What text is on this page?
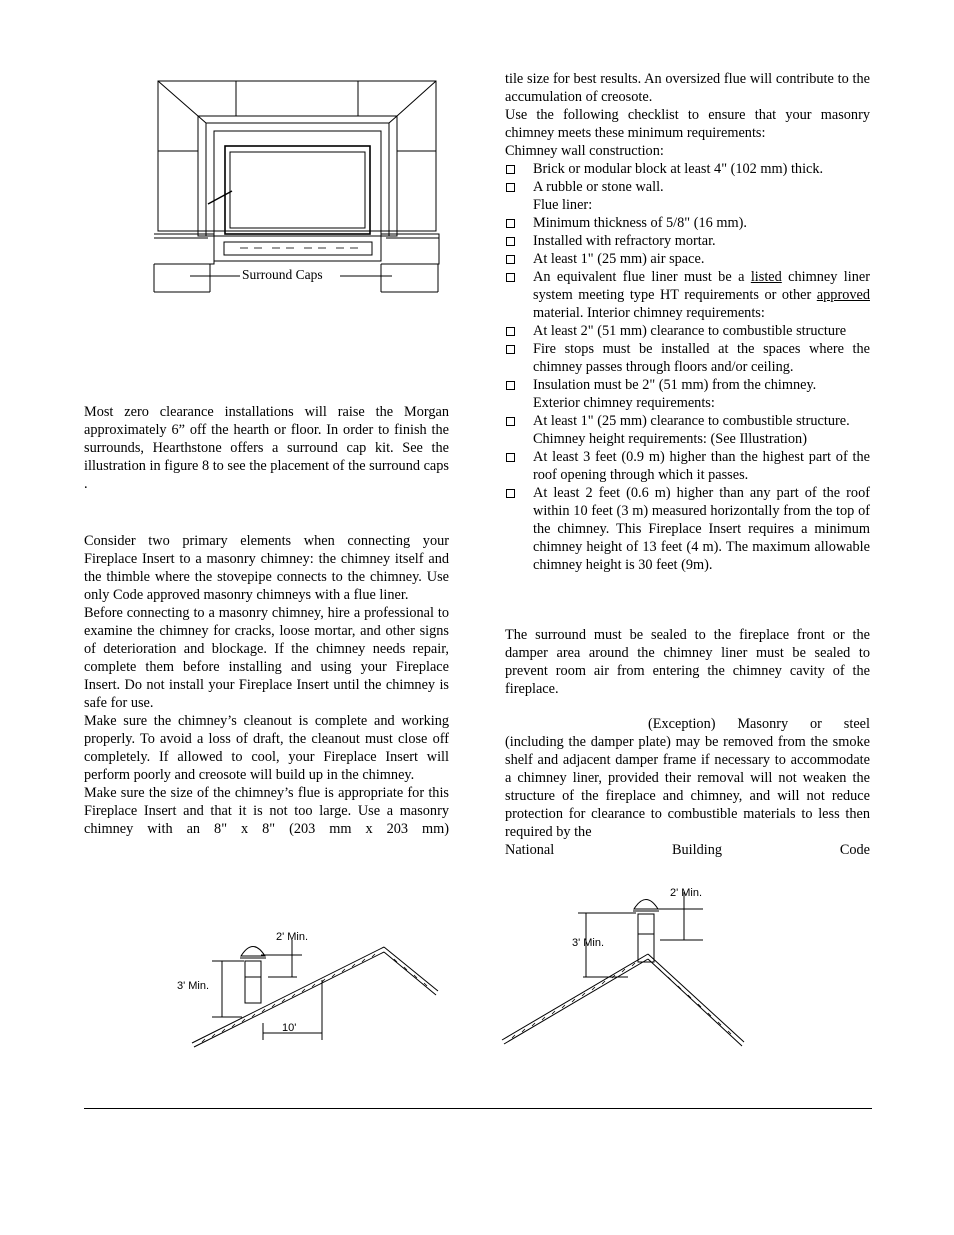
Surround Caps

Most zero clearance installations will raise the Morgan approximately 6” off the hearth or floor. In order to finish the surrounds, Hearthstone offers a surround cap kit. See the illustration in figure 8 to see the placement of the surround caps .

Consider two primary elements when connecting your Fireplace Insert to a masonry chimney: the chimney itself and the thimble where the stovepipe connects to the chimney. Use only Code approved masonry chimneys with a flue liner.

Before connecting to a masonry chimney, hire a professional to examine the chimney for cracks, loose mortar, and other signs of deterioration and blockage. If the chimney needs repair, complete them before installing and using your Fireplace Insert. Do not install your Fireplace Insert until the chimney is safe for use.

Make sure the chimney’s cleanout is complete and working properly. To avoid a loss of draft, the cleanout must close off completely. If allowed to cool, your Fireplace Insert will perform poorly and creosote will build up in the chimney.

Make sure the size of the chimney’s flue is appropriate for this Fireplace Insert and that it is not too large. Use a masonry chimney with an 8" x 8" (203 mm x 203 mm)

tile size for best results. An oversized flue will contribute to the accumulation of creosote.

Use the following checklist to ensure that your masonry chimney meets these minimum requirements:

Chimney wall construction:

Brick or modular block at least 4" (102 mm) thick.
A rubble or stone wall.

Flue liner:

Minimum thickness of 5/8" (16 mm).
Installed with refractory mortar.
At least 1" (25 mm) air space.
An equivalent flue liner must be a listed chimney liner system meeting type HT requirements or other approved material. Interior chimney requirements:
At least 2" (51 mm) clearance to combustible structure
Fire stops must be installed at the spaces where the chimney passes through floors and/or ceiling.
Insulation must be 2" (51 mm) from the chimney.

Exterior chimney requirements:

At least 1" (25 mm) clearance to combustible structure.

Chimney height requirements: (See Illustration)

At least 3 feet (0.9 m) higher than the highest part of the roof opening through which it passes.
At least 2 feet (0.6 m) higher than any part of the roof within 10 feet (3 m) measured horizontally from the top of the chimney. This Fireplace Insert requires a minimum chimney height of 13 feet (4 m). The maximum allowable chimney height is 30 feet (9m).

The surround must be sealed to the fireplace front or the damper area around the chimney liner must be sealed to prevent room air from entering the chimney cavity of the fireplace.

(Exception) Masonry or steel (including the damper plate) may be removed from the smoke shelf and adjacent damper frame if necessary to accommodate a chimney liner, provided their removal will not weaken the structure of the fireplace and chimney, and will not reduce protection for clearance to combustible materials to less then required by the

National Building Code

2' Min.
3' Min.
10'
2' Min.
3' Min.
